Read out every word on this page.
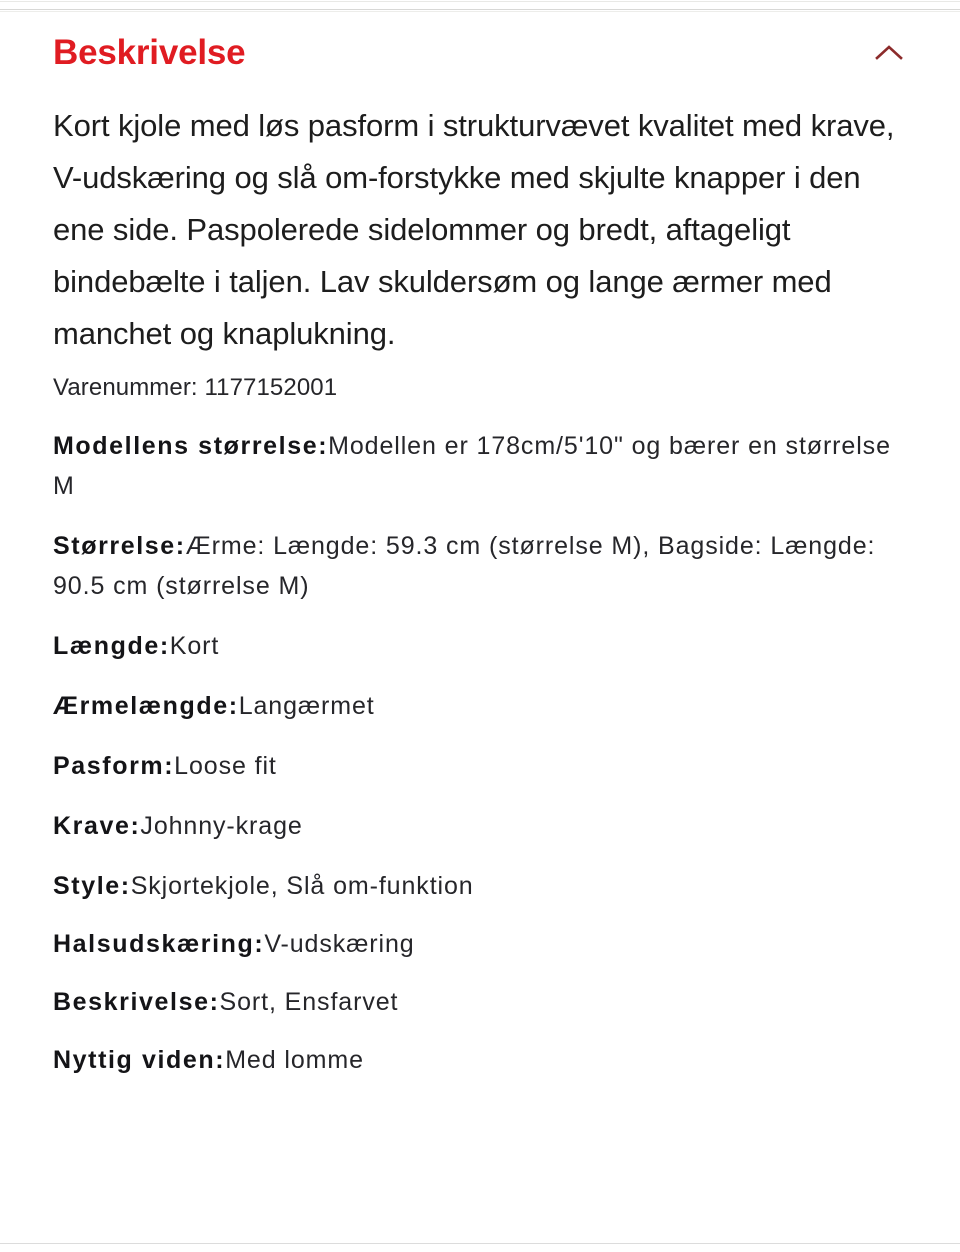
Beskrivelse

Kort kjole med løs pasform i strukturvævet kvalitet med krave, V-udskæring og slå om-forstykke med skjulte knapper i den ene side. Paspolerede sidelommer og bredt, aftageligt bindebælte i taljen. Lav skuldersøm og lange ærmer med manchet og knaplukning.

Varenummer: 1177152001

Modellens størrelse:Modellen er 178cm/5'10" og bærer en størrelse M
Størrelse:Ærme: Længde: 59.3 cm (størrelse M), Bagside: Længde: 90.5 cm (størrelse M)
Længde:Kort
Ærmelængde:Langærmet
Pasform:Loose fit
Krave:Johnny-krage
Style:Skjortekjole, Slå om-funktion
Halsudskæring:V-udskæring
Beskrivelse:Sort, Ensfarvet
Nyttig viden:Med lomme
